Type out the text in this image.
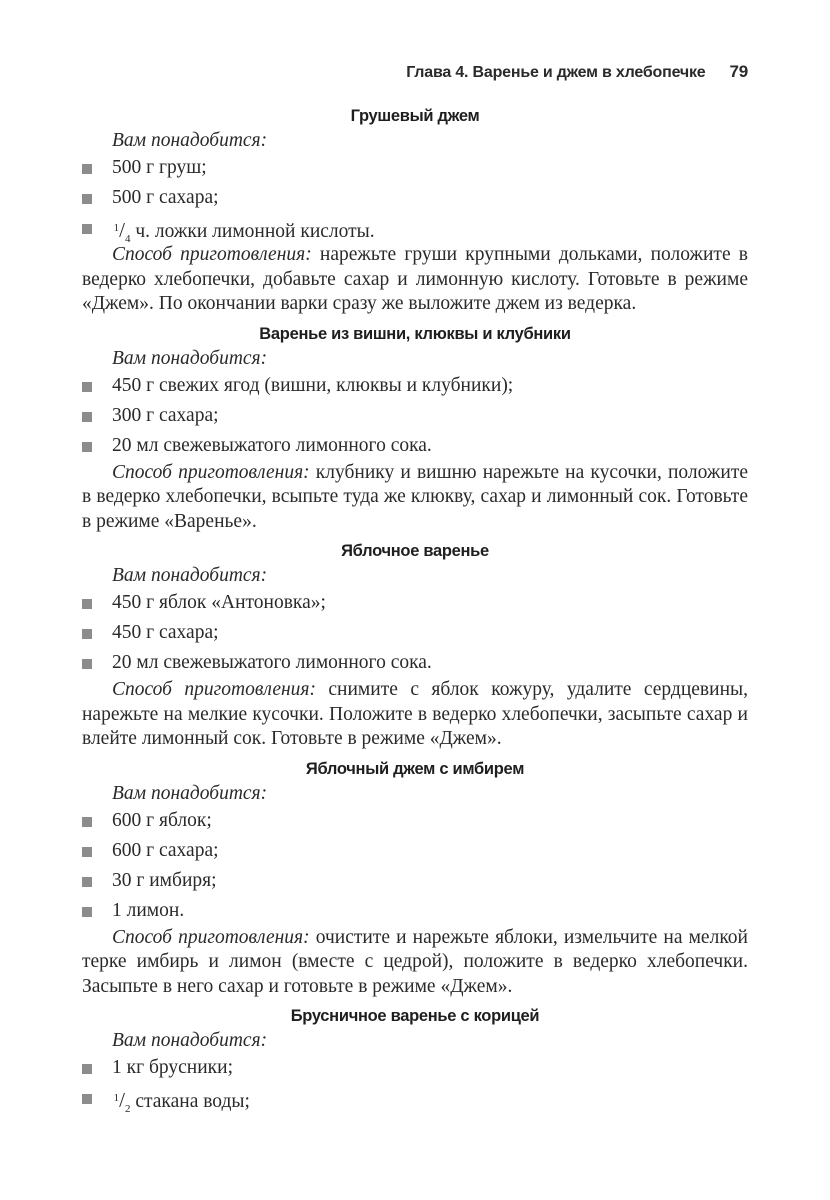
Глава 4. Варенье и джем в хлебопечке 79
Грушевый джем
Вам понадобится:
500 г груш;
500 г сахара;
 $^1/_4$ ч. ложки лимонной кислоты.

Способ приготовления: нарежьте груши крупными дольками, положите в ведерко хлебопечки, добавьте сахар и лимонную кислоту. Готовьте в режиме «Джем». По окончании варки сразу же выложите джем из ведерка.

Варенье из вишни, клюквы и клубники
Вам понадобится:
450 г свежих ягод (вишни, клюквы и клубники);
300 г сахара;
20 мл свежевыжатого лимонного сока.

Способ приготовления: клубнику и вишню нарежьте на кусочки, положите в ведерко хлебопечки, всыпьте туда же клюкву, сахар и лимонный сок. Готовьте в режиме «Варенье».

Яблочное варенье
Вам понадобится:
450 г яблок «Антоновка»;
450 г сахара;
20 мл свежевыжатого лимонного сока.

Способ приготовления: снимите с яблок кожуру, удалите сердцевины, нарежьте на мелкие кусочки. Положите в ведерко хлебопечки, засыпьте сахар и влейте лимонный сок. Готовьте в режиме «Джем».

Яблочный джем с имбирем
Вам понадобится:
600 г яблок;
600 г сахара;
30 г имбиря;
1 лимон.

Способ приготовления: очистите и нарежьте яблоки, измельчите на мелкой терке имбирь и лимон (вместе с цедрой), положите в ведерко хлебопечки. Засыпьте в него сахар и готовьте в режиме «Джем».

Брусничное варенье с корицей
Вам понадобится:
1 кг брусники;
 $^1/_2$ стакана воды;
